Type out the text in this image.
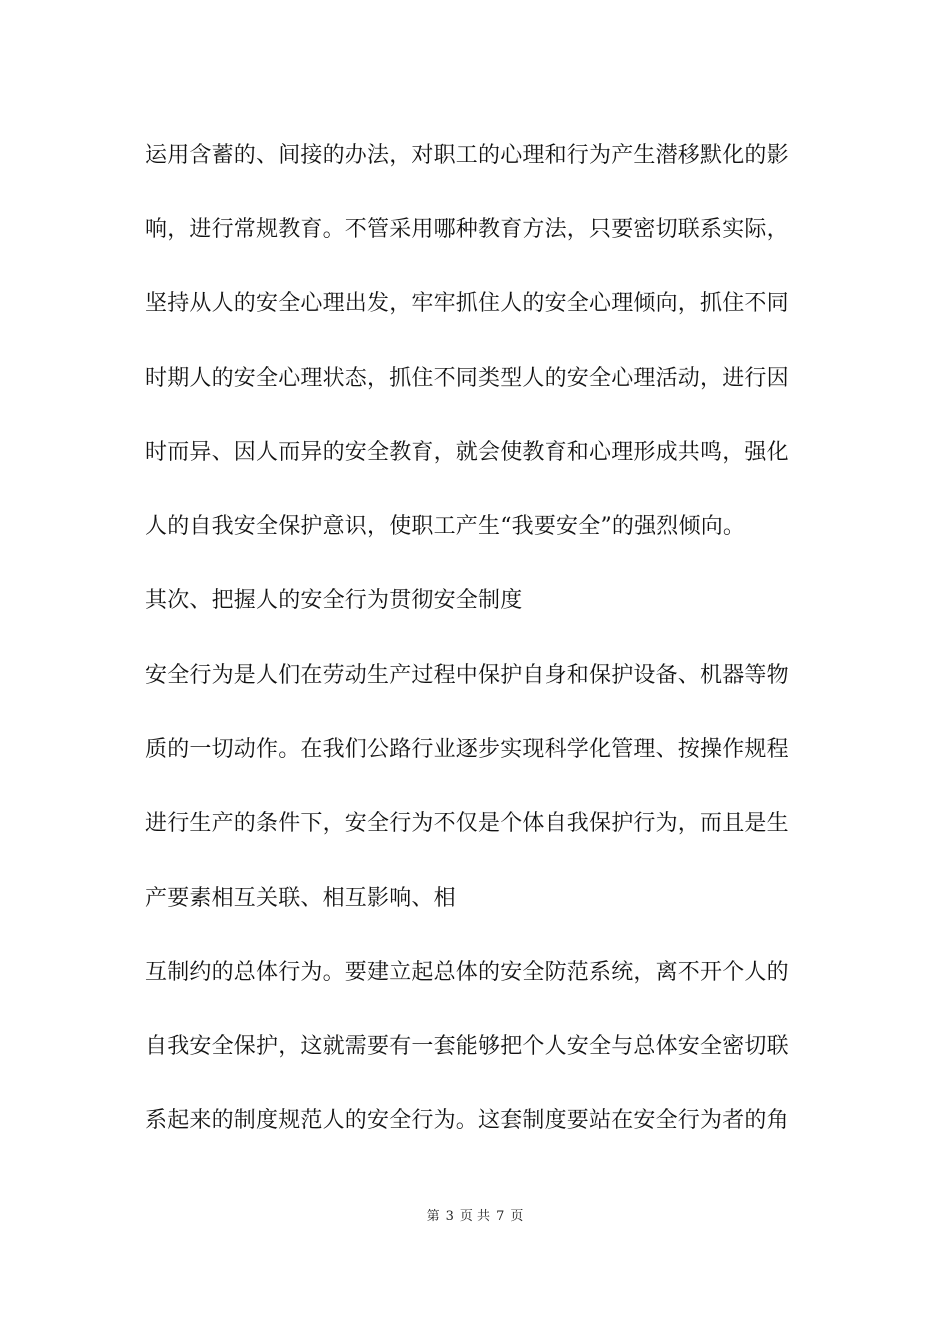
运用含蓄的、间接的办法，对职工的心理和行为产生潜移默化的影
响，进行常规教育。不管采用哪种教育方法，只要密切联系实际，
坚持从人的安全心理出发，牢牢抓住人的安全心理倾向，抓住不同
时期人的安全心理状态，抓住不同类型人的安全心理活动，进行因
时而异、因人而异的安全教育，就会使教育和心理形成共鸣，强化
人的自我安全保护意识，使职工产生“我要安全”的强烈倾向。
其次、把握人的安全行为贯彻安全制度
安全行为是人们在劳动生产过程中保护自身和保护设备、机器等物
质的一切动作。在我们公路行业逐步实现科学化管理、按操作规程
进行生产的条件下，安全行为不仅是个体自我保护行为，而且是生
产要素相互关联、相互影响、相
互制约的总体行为。要建立起总体的安全防范系统，离不开个人的
自我安全保护，这就需要有一套能够把个人安全与总体安全密切联
系起来的制度规范人的安全行为。这套制度要站在安全行为者的角
第 3 页 共 7 页
